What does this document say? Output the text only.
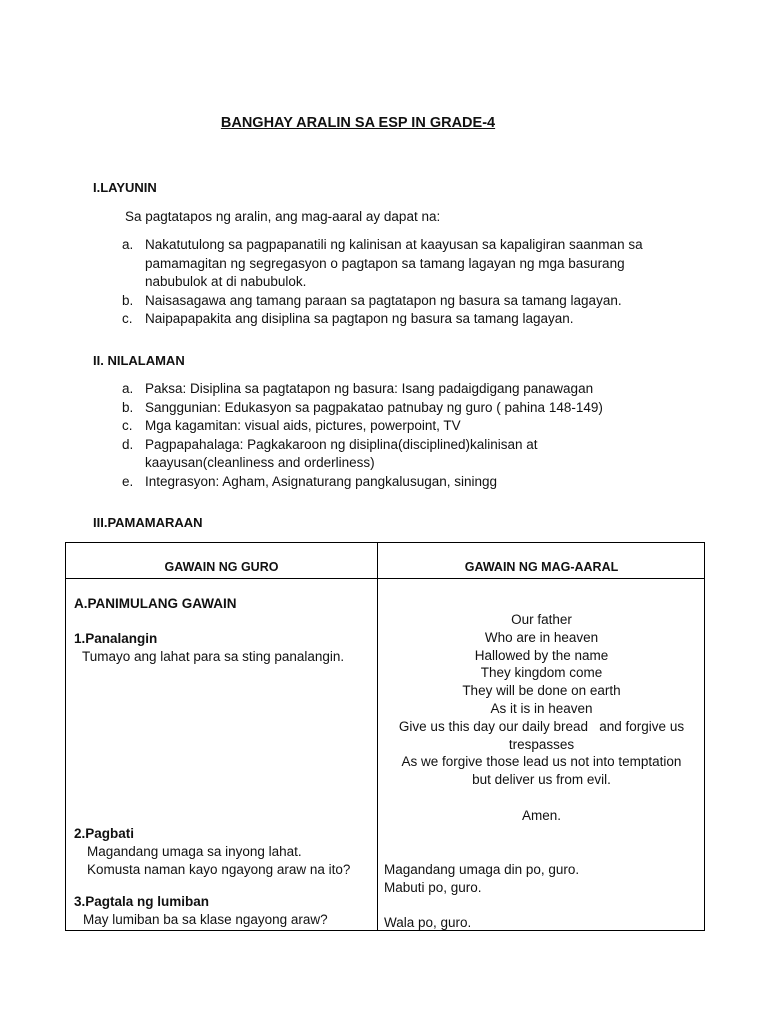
BANGHAY ARALIN SA ESP IN GRADE-4
I.LAYUNIN
Sa pagtatapos ng aralin, ang mag-aaral ay dapat na:
a. Nakatutulong sa pagpapanatili ng kalinisan at kaayusan sa kapaligiran saanman sa
pamamagitan ng segregasyon o pagtapon sa tamang lagayan ng mga basurang
nabubulok at di nabubulok.
b. Naisasagawa ang tamang paraan sa pagtatapon ng basura sa tamang lagayan.
c. Naipapapakita ang disiplina sa pagtapon ng basura sa tamang lagayan.
II. NILALAMAN
a. Paksa: Disiplina sa pagtatapon ng basura: Isang padaigdigang panawagan
b. Sanggunian: Edukasyon sa pagpakatao patnubay ng guro ( pahina 148-149)
c. Mga kagamitan: visual aids, pictures, powerpoint, TV
d. Pagpapahalaga: Pagkakaroon ng disiplina(disciplined)kalinisan at
kaayusan(cleanliness and orderliness)
e. Integrasyon: Agham, Asignaturang pangkalusugan, siningg
III.PAMAMARAAN
GAWAIN NG GURO	GAWAIN NG MAG-AARAL
A.PANIMULANG GAWAIN
1.Panalangin
Tumayo ang lahat para sa sting panalangin.
Our father
Who are in heaven
Hallowed by the name
They kingdom come
They will be done on earth
As it is in heaven
Give us this day our daily bread   and forgive us
trespasses
As we forgive those lead us not into temptation
but deliver us from evil.
Amen.
2.Pagbati
Magandang umaga sa inyong lahat.
Komusta naman kayo ngayong araw na ito? Magandang umaga din po, guro.
Mabuti po, guro.
3.Pagtala ng lumiban
May lumiban ba sa klase ngayong araw?	Wala po, guro.
